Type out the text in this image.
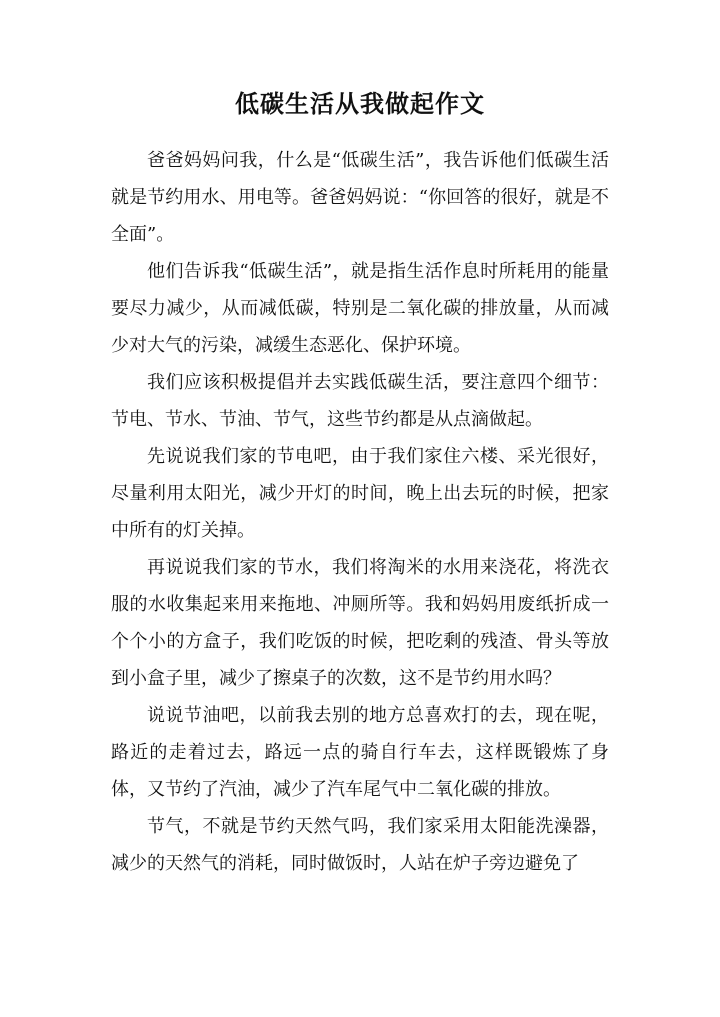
低碳生活从我做起作文

爸爸妈妈问我，什么是“低碳生活”，我告诉他们低碳生活就是节约用水、用电等。爸爸妈妈说：“你回答的很好，就是不全面”。

他们告诉我“低碳生活”，就是指生活作息时所耗用的能量要尽力减少，从而减低碳，特别是二氧化碳的排放量，从而减少对大气的污染，减缓生态恶化、保护环境。

我们应该积极提倡并去实践低碳生活，要注意四个细节：节电、节水、节油、节气，这些节约都是从点滴做起。

先说说我们家的节电吧，由于我们家住六楼、采光很好，尽量利用太阳光，减少开灯的时间，晚上出去玩的时候，把家中所有的灯关掉。

再说说我们家的节水，我们将淘米的水用来浇花，将洗衣服的水收集起来用来拖地、冲厕所等。我和妈妈用废纸折成一个个小的方盒子，我们吃饭的时候，把吃剩的残渣、骨头等放到小盒子里，减少了擦桌子的次数，这不是节约用水吗？

说说节油吧，以前我去别的地方总喜欢打的去，现在呢，路近的走着过去，路远一点的骑自行车去，这样既锻炼了身体，又节约了汽油，减少了汽车尾气中二氧化碳的排放。

节气，不就是节约天然气吗，我们家采用太阳能洗澡器，减少的天然气的消耗，同时做饭时，人站在炉子旁边避免了
